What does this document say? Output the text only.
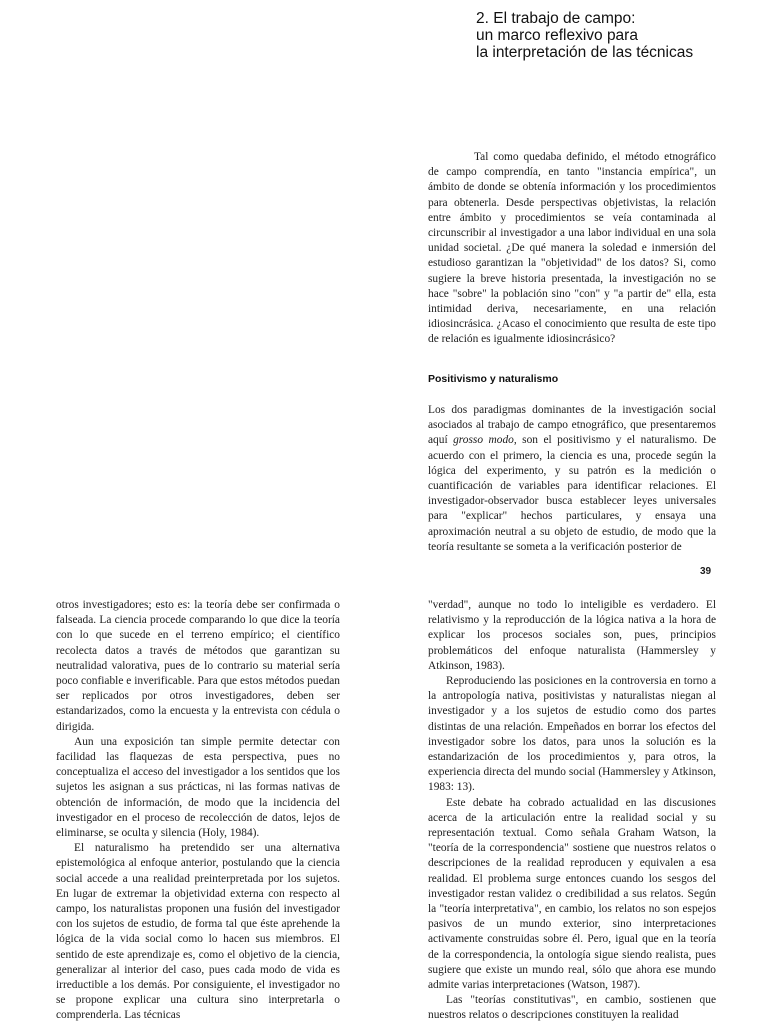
2. El trabajo de campo:
un marco reflexivo para
la interpretación de las técnicas

Tal como quedaba definido, el método etnográfico de campo comprendía, en tanto "instancia empírica", un ámbito de donde se obtenía información y los procedimientos para obtenerla. Desde perspectivas objetivistas, la relación entre ámbito y procedimientos se veía contaminada al circunscribir al investigador a una labor individual en una sola unidad societal. ¿De qué manera la soledad e inmersión del estudioso garantizan la "objetividad" de los datos? Si, como sugiere la breve historia presentada, la investigación no se hace "sobre" la población sino "con" y "a partir de" ella, esta intimidad deriva, necesariamente, en una relación idiosincrásica. ¿Acaso el conocimiento que resulta de este tipo de relación es igualmente idiosincrásico?

Positivismo y naturalismo

Los dos paradigmas dominantes de la investigación social asociados al trabajo de campo etnográfico, que presentaremos aquí grosso modo, son el positivismo y el naturalismo. De acuerdo con el primero, la ciencia es una, procede según la lógica del experimento, y su patrón es la medición o cuantificación de variables para identificar relaciones. El investigador-observador busca establecer leyes universales para "explicar" hechos particulares, y ensaya una aproximación neutral a su objeto de estudio, de modo que la teoría resultante se someta a la verificación posterior de

39

otros investigadores; esto es: la teoría debe ser confirmada o falseada. La ciencia procede comparando lo que dice la teoría con lo que sucede en el terreno empírico; el científico recolecta datos a través de métodos que garantizan su neutralidad valorativa, pues de lo contrario su material sería poco confiable e inverificable. Para que estos métodos puedan ser replicados por otros investigadores, deben ser estandarizados, como la encuesta y la entrevista con cédula o dirigida.

Aun una exposición tan simple permite detectar con facilidad las flaquezas de esta perspectiva, pues no conceptualiza el acceso del investigador a los sentidos que los sujetos les asignan a sus prácticas, ni las formas nativas de obtención de información, de modo que la incidencia del investigador en el proceso de recolección de datos, lejos de eliminarse, se oculta y silencia (Holy, 1984).

El naturalismo ha pretendido ser una alternativa epistemológica al enfoque anterior, postulando que la ciencia social accede a una realidad preinterpretada por los sujetos. En lugar de extremar la objetividad externa con respecto al campo, los naturalistas proponen una fusión del investigador con los sujetos de estudio, de forma tal que éste aprehende la lógica de la vida social como lo hacen sus miembros. El sentido de este aprendizaje es, como el objetivo de la ciencia, generalizar al interior del caso, pues cada modo de vida es irreductible a los demás. Por consiguiente, el investigador no se propone explicar una cultura sino interpretarla o comprenderla. Las técnicas

"verdad", aunque no todo lo inteligible es verdadero. El relativismo y la reproducción de la lógica nativa a la hora de explicar los procesos sociales son, pues, principios problemáticos del enfoque naturalista (Hammersley y Atkinson, 1983).

Reproduciendo las posiciones en la controversia en torno a la antropología nativa, positivistas y naturalistas niegan al investigador y a los sujetos de estudio como dos partes distintas de una relación. Empeñados en borrar los efectos del investigador sobre los datos, para unos la solución es la estandarización de los procedimientos y, para otros, la experiencia directa del mundo social (Hammersley y Atkinson, 1983: 13).

Este debate ha cobrado actualidad en las discusiones acerca de la articulación entre la realidad social y su representación textual. Como señala Graham Watson, la "teoría de la correspondencia" sostiene que nuestros relatos o descripciones de la realidad reproducen y equivalen a esa realidad. El problema surge entonces cuando los sesgos del investigador restan validez o credibilidad a sus relatos. Según la "teoría interpretativa", en cambio, los relatos no son espejos pasivos de un mundo exterior, sino interpretaciones activamente construidas sobre él. Pero, igual que en la teoría de la correspondencia, la ontología sigue siendo realista, pues sugiere que existe un mundo real, sólo que ahora ese mundo admite varias interpretaciones (Watson, 1987).

Las "teorías constitutivas", en cambio, sostienen que nuestros relatos o descripciones constituyen la realidad
